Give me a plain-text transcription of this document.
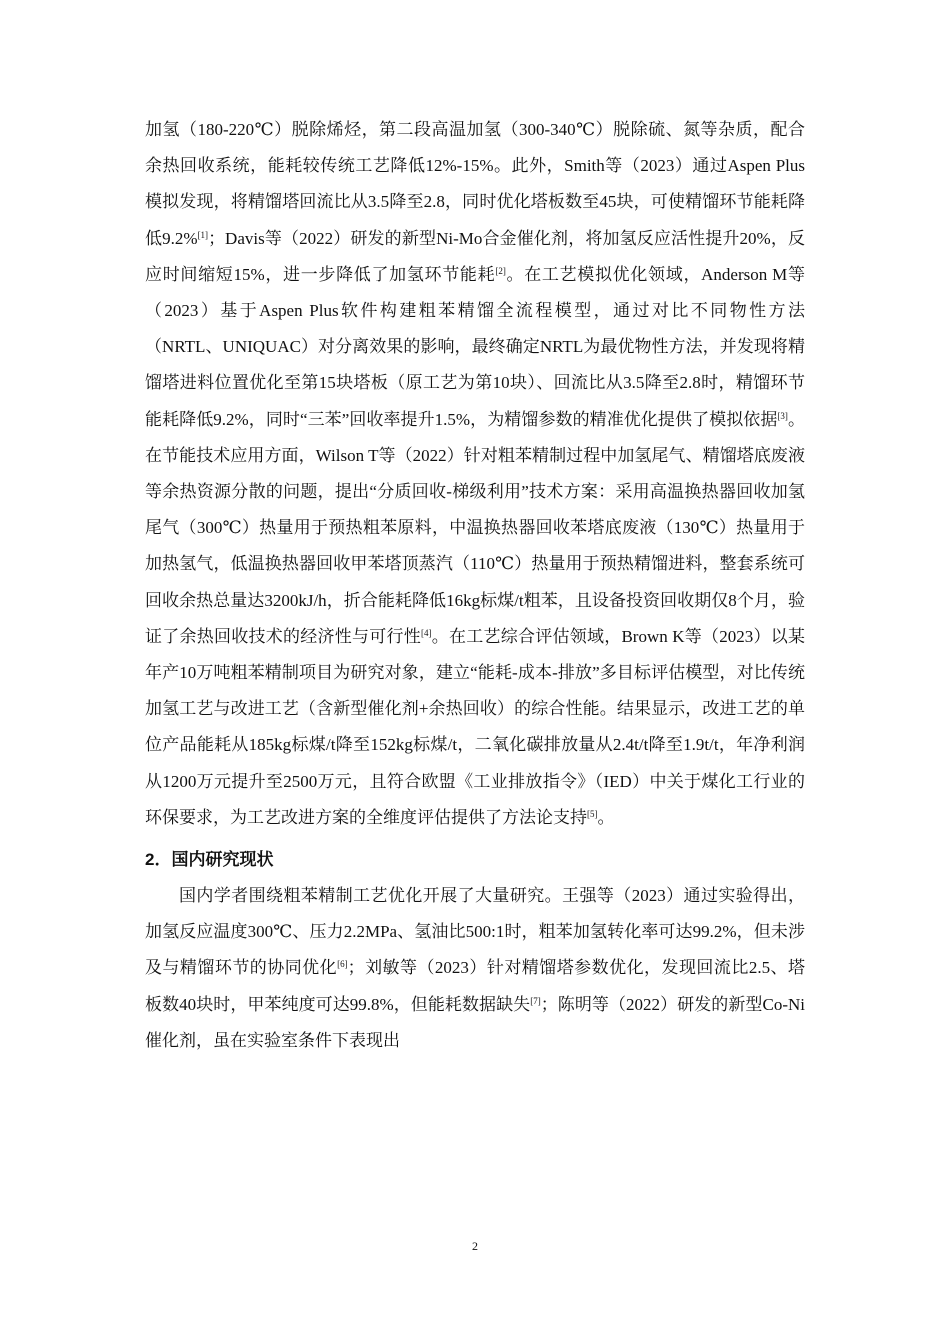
加氢（180-220℃）脱除烯烃，第二段高温加氢（300-340℃）脱除硫、氮等杂质，配合余热回收系统，能耗较传统工艺降低12%-15%。此外，Smith等（2023）通过Aspen Plus模拟发现，将精馏塔回流比从3.5降至2.8，同时优化塔板数至45块，可使精馏环节能耗降低9.2%[1]；Davis等（2022）研发的新型Ni-Mo合金催化剂，将加氢反应活性提升20%，反应时间缩短15%，进一步降低了加氢环节能耗[2]。在工艺模拟优化领域，Anderson M等（2023）基于Aspen Plus软件构建粗苯精馏全流程模型，通过对比不同物性方法（NRTL、UNIQUAC）对分离效果的影响，最终确定NRTL为最优物性方法，并发现将精馏塔进料位置优化至第15块塔板（原工艺为第10块）、回流比从3.5降至2.8时，精馏环节能耗降低9.2%，同时“三苯”回收率提升1.5%，为精馏参数的精准优化提供了模拟依据[3]。在节能技术应用方面，Wilson T等（2022）针对粗苯精制过程中加氢尾气、精馏塔底废液等余热资源分散的问题，提出“分质回收-梯级利用”技术方案：采用高温换热器回收加氢尾气（300℃）热量用于预热粗苯原料，中温换热器回收苯塔底废液（130℃）热量用于加热氢气，低温换热器回收甲苯塔顶蒸汽（110℃）热量用于预热精馏进料，整套系统可回收余热总量达3200kJ/h，折合能耗降低16kg标煤/t粗苯，且设备投资回收期仅8个月，验证了余热回收技术的经济性与可行性[4]。在工艺综合评估领域，Brown K等（2023）以某年产10万吨粗苯精制项目为研究对象，建立“能耗-成本-排放”多目标评估模型，对比传统加氢工艺与改进工艺（含新型催化剂+余热回收）的综合性能。结果显示，改进工艺的单位产品能耗从185kg标煤/t降至152kg标煤/t，二氧化碳排放量从2.4t/t降至1.9t/t，年净利润从1200万元提升至2500万元，且符合欧盟《工业排放指令》（IED）中关于煤化工行业的环保要求，为工艺改进方案的全维度评估提供了方法论支持[5]。

2．国内研究现状

国内学者围绕粗苯精制工艺优化开展了大量研究。王强等（2023）通过实验得出，加氢反应温度300℃、压力2.2MPa、氢油比500:1时，粗苯加氢转化率可达99.2%，但未涉及与精馏环节的协同优化[6]；刘敏等（2023）针对精馏塔参数优化，发现回流比2.5、塔板数40块时，甲苯纯度可达99.8%，但能耗数据缺失[7]；陈明等（2022）研发的新型Co-Ni催化剂，虽在实验室条件下表现出

2
